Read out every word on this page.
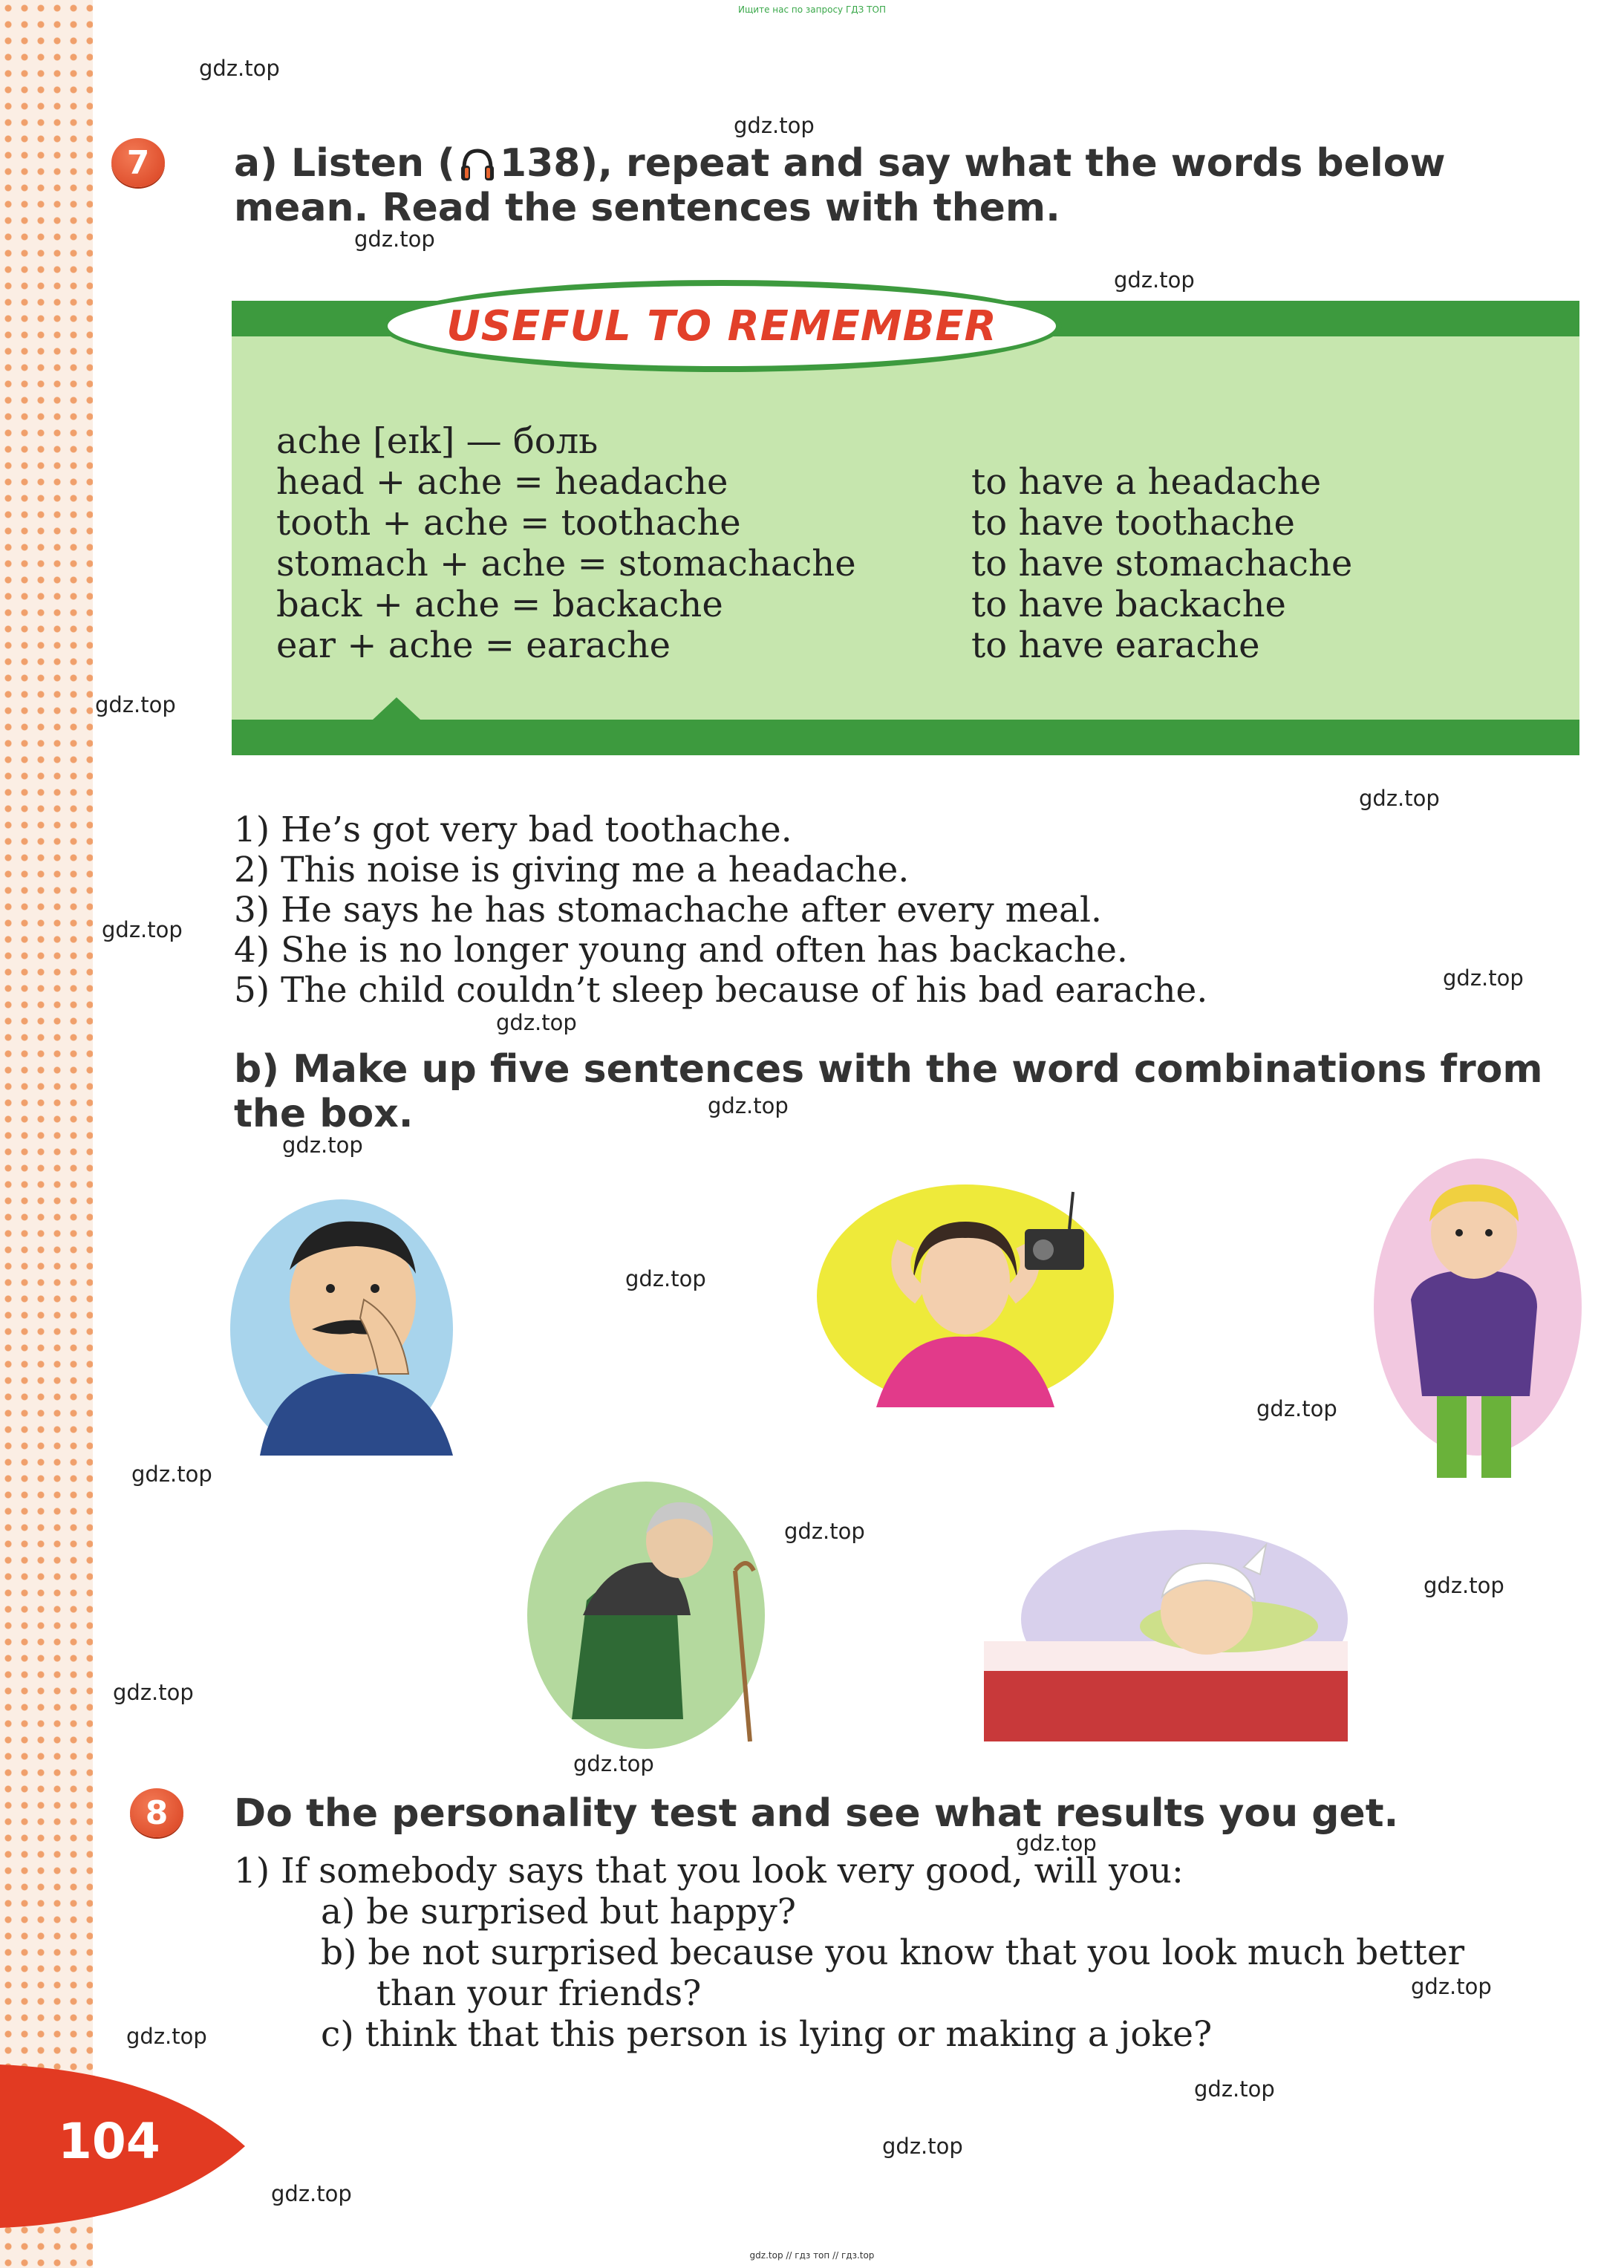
Ищите нас по запросу ГДЗ ТОП
gdz.top
gdz.top
gdz.top
gdz.top
gdz.top
gdz.top
gdz.top
gdz.top
gdz.top
gdz.top
gdz.top
gdz.top
gdz.top
gdz.top
gdz.top
gdz.top
gdz.top
gdz.top
gdz.top
gdz.top
gdz.top
gdz.top
gdz.top
gdz.top
7 a) Listen ( 138), repeat and say what the words below mean. Read the sentences with them.
USEFUL TO REMEMBER
ache [eɪk] — боль
head + ache = headache
tooth + ache = toothache
stomach + ache = stomachache
back + ache = backache
ear + ache = earache
to have a headache
to have toothache
to have stomachache
to have backache
to have earache
1) He’s got very bad toothache.
2) This noise is giving me a headache.
3) He says he has stomachache after every meal.
4) She is no longer young and often has backache.
5) The child couldn’t sleep because of his bad earache.
b) Make up five sentences with the word combinations from the box.
8 Do the personality test and see what results you get.
1) If somebody says that you look very good, will you:
a) be surprised but happy?
b) be not surprised because you know that you look much better
than your friends?
c) think that this person is lying or making a joke?
104
gdz.top // гдз топ // гдз.top
